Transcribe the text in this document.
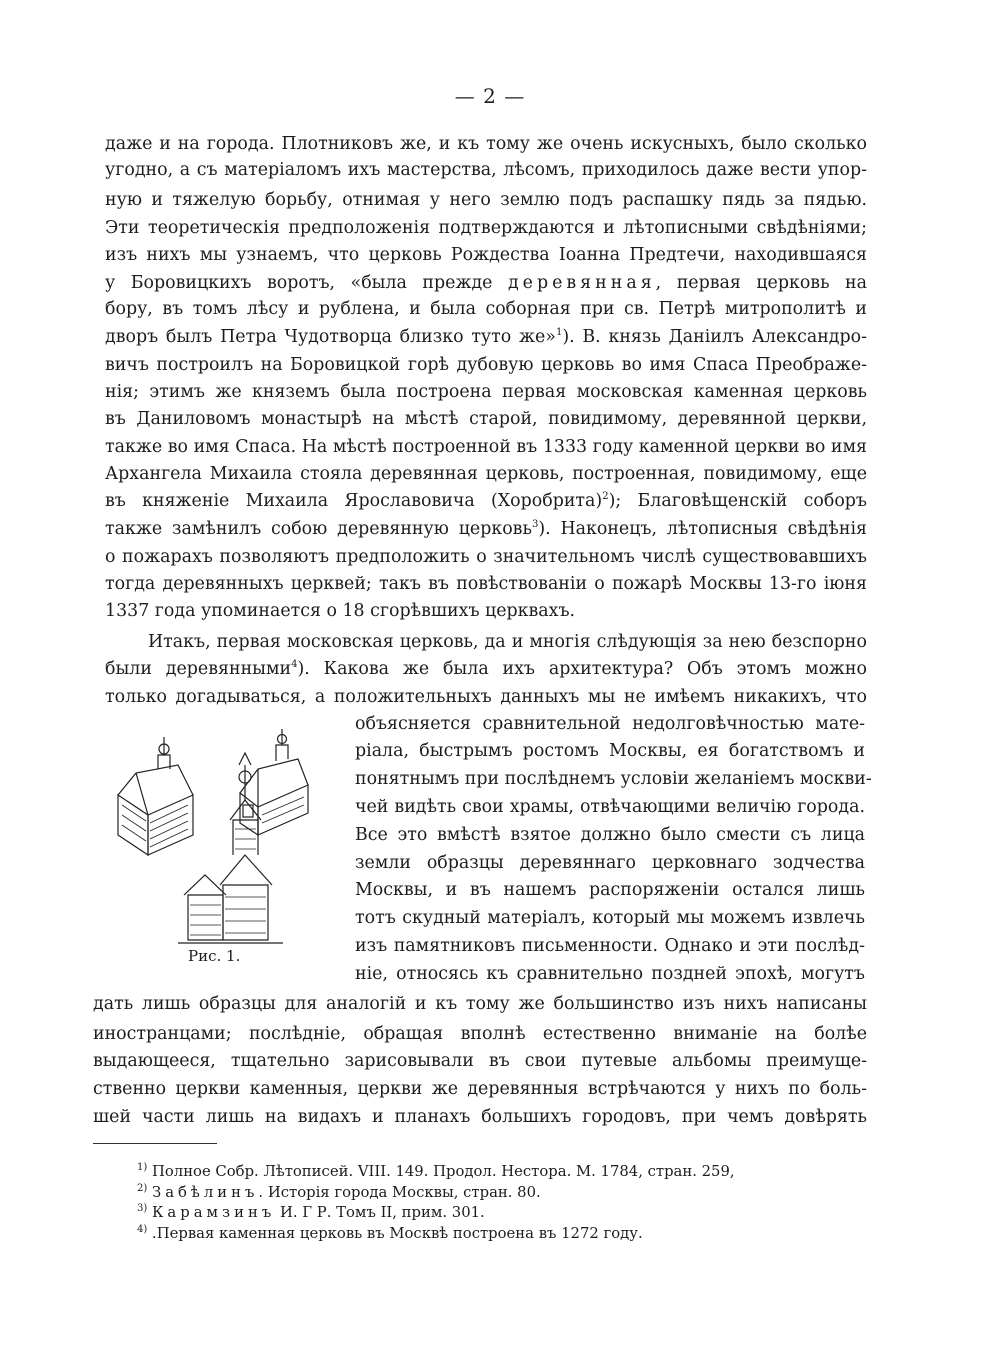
— 2 —
даже и на города. Плотниковъ же, и къ тому же очень искусныхъ, было сколько
угодно, а съ матеріаломъ ихъ мастерства, лѣсомъ, приходилось даже вести упор-
ную и тяжелую борьбу, отнимая у него землю подъ распашку пядь за пядью.
Эти теоретическія предположенія подтверждаются и лѣтописными свѣдѣніями;
изъ нихъ мы узнаемъ, что церковь Рождества Іоанна Предтечи, находившаяся
у Боровицкихъ воротъ, «была прежде деревянная, первая церковь на
бору, въ томъ лѣсу и рублена, и была соборная при св. Петрѣ митрополитѣ и
дворъ былъ Петра Чудотворца близко туто же»$^1$). В. князь Даніилъ Александро-
вичъ построилъ на Боровицкой горѣ дубовую церковь во имя Спаса Преображе-
нія; этимъ же княземъ была построена первая московская каменная церковь
въ Даниловомъ монастырѣ на мѣстѣ старой, повидимому, деревянной церкви,
также во имя Спаса. На мѣстѣ построенной въ 1333 году каменной церкви во имя
Архангела Михаила стояла деревянная церковь, построенная, повидимому, еще
въ княженіе Михаила Ярославовича (Хоробрита)$^2$); Благовѣщенскій соборъ
также замѣнилъ собою деревянную церковь$^3$). Наконецъ, лѣтописныя свѣдѣнія
о пожарахъ позволяютъ предположить о значительномъ числѣ существовавшихъ
тогда деревянныхъ церквей; такъ въ повѣствованіи о пожарѣ Москвы 13-го іюня
1337 года упоминается о 18 сгорѣвшихъ церквахъ.
Итакъ, первая московская церковь, да и многія слѣдующія за нею безспорно
были деревянными$^4$). Какова же была ихъ архитектура? Объ этомъ можно
только догадываться, а положительныхъ данныхъ мы не имѣемъ никакихъ, что
объясняется сравнительной недолговѣчностью мате-
ріала, быстрымъ ростомъ Москвы, ея богатствомъ и
понятнымъ при послѣднемъ условіи желаніемъ москви-
чей видѣть свои храмы, отвѣчающими величію города.
Все это вмѣстѣ взятое должно было смести съ лица
земли образцы деревяннаго церковнаго зодчества
Москвы, и въ нашемъ распоряженіи остался лишь
тотъ скудный матеріалъ, который мы можемъ извлечь
изъ памятниковъ письменности. Однако и эти послѣд-
ніе, относясь къ сравнительно поздней эпохѣ, могутъ
дать лишь образцы для аналогій и къ тому же большинство изъ нихъ написаны
иностранцами; послѣдніе, обращая вполнѣ естественно вниманіе на болѣе
выдающееся, тщательно зарисовывали въ свои путевые альбомы преимуще-
ственно церкви каменныя, церкви же деревянныя встрѣчаются у нихъ по боль-
шей части лишь на видахъ и планахъ большихъ городовъ, при чемъ довѣрять
Рис. 1.
$^{1)}$ Полное Собр. Лѣтописей. VIII. 149. Продол. Нестора. М. 1784, стран. 259,
$^{2)}$ Забѣлинъ. Исторія города Москвы, стран. 80.
$^{3)}$ Карамзинъ И. Г Р. Томъ II, прим. 301.
$^{4)}$ .Первая каменная церковь въ Москвѣ построена въ 1272 году.
